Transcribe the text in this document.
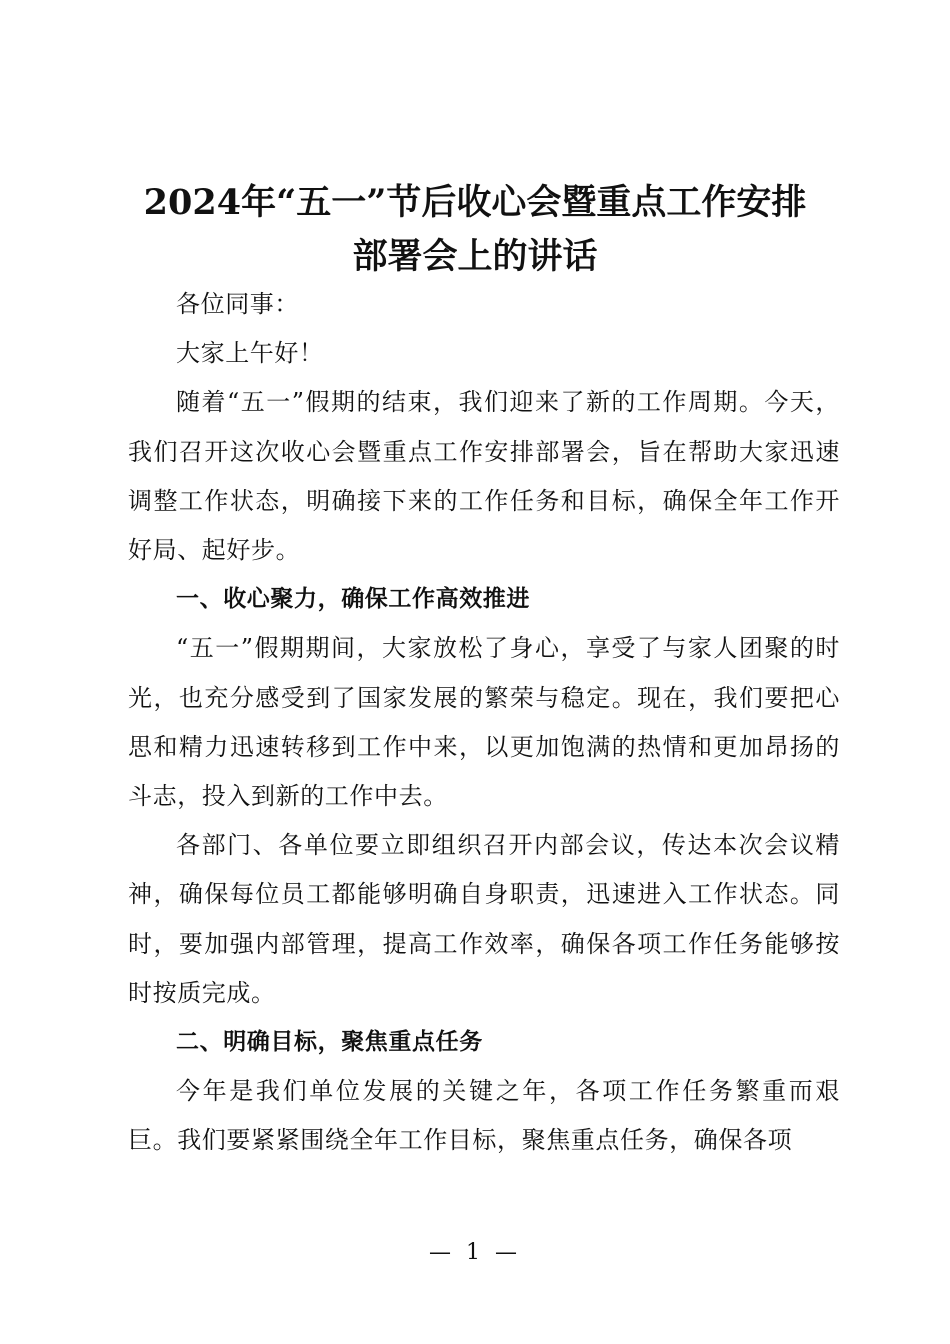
2024年“五一”节后收心会暨重点工作安排
部署会上的讲话

各位同事：

大家上午好！

随着“五一”假期的结束，我们迎来了新的工作周期。今天，我们召开这次收心会暨重点工作安排部署会，旨在帮助大家迅速调整工作状态，明确接下来的工作任务和目标，确保全年工作开好局、起好步。

一、收心聚力，确保工作高效推进

“五一”假期期间，大家放松了身心，享受了与家人团聚的时光，也充分感受到了国家发展的繁荣与稳定。现在，我们要把心思和精力迅速转移到工作中来，以更加饱满的热情和更加昂扬的斗志，投入到新的工作中去。

各部门、各单位要立即组织召开内部会议，传达本次会议精神，确保每位员工都能够明确自身职责，迅速进入工作状态。同时，要加强内部管理，提高工作效率，确保各项工作任务能够按时按质完成。

二、明确目标，聚焦重点任务

今年是我们单位发展的关键之年，各项工作任务繁重而艰巨。我们要紧紧围绕全年工作目标，聚焦重点任务，确保各项

— 1 —
